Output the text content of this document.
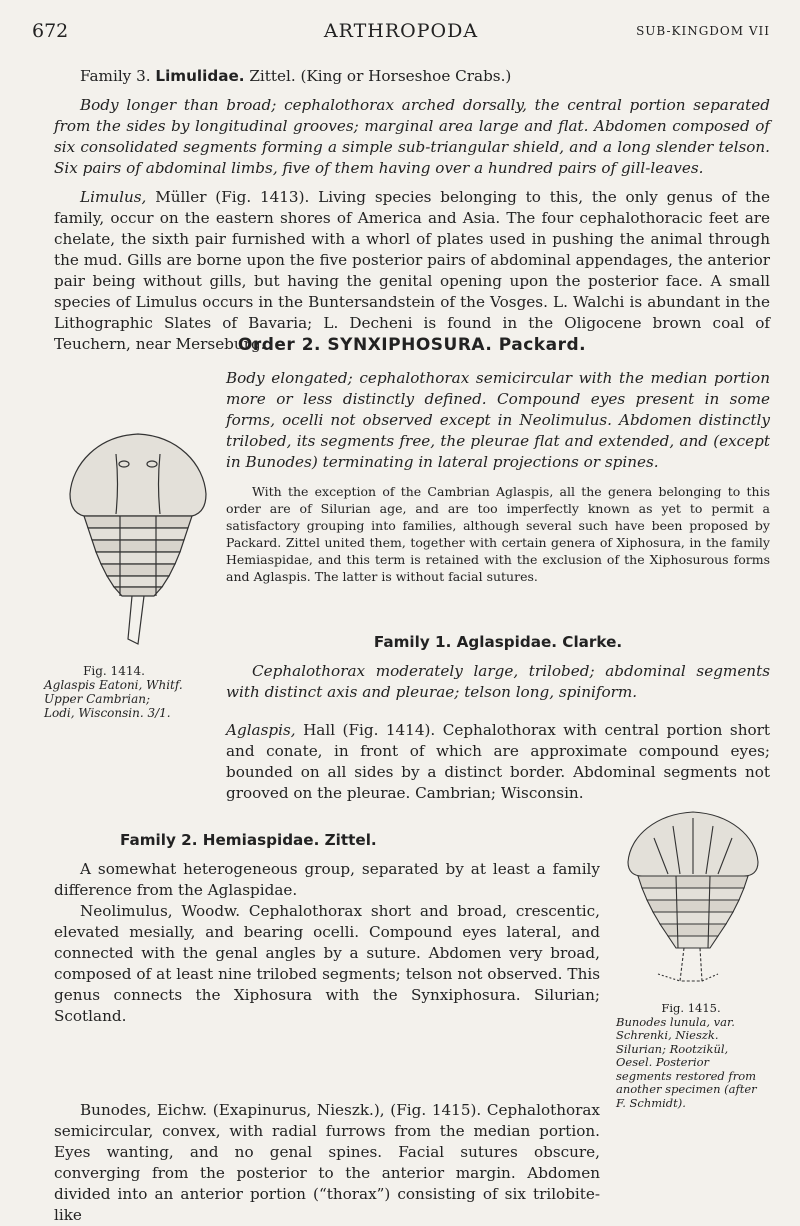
672	ARTHROPODA	SUB-KINGDOM VII

Family 3. Limulidae. Zittel. (King or Horseshoe Crabs.)

Body longer than broad; cephalothorax arched dorsally, the central portion separated from the sides by longitudinal grooves; marginal area large and flat. Abdomen composed of six consolidated segments forming a simple sub-triangular shield, and a long slender telson. Six pairs of abdominal limbs, five of them having over a hundred pairs of gill-leaves.

Limulus, Müller (Fig. 1413). Living species belonging to this, the only genus of the family, occur on the eastern shores of America and Asia. The four cephalothoracic feet are chelate, the sixth pair furnished with a whorl of plates used in pushing the animal through the mud. Gills are borne upon the five posterior pairs of abdominal appendages, the anterior pair being without gills, but having the genital opening upon the posterior face. A small species of Limulus occurs in the Buntersandstein of the Vosges. L. Walchi is abundant in the Lithographic Slates of Bavaria; L. Decheni is found in the Oligocene brown coal of Teuchern, near Merseburg.

Order 2. SYNXIPHOSURA. Packard.

Fig. 1414.
Aglaspis Eatoni, Whitf. Upper Cambrian; Lodi, Wisconsin. 3/1.

Body elongated; cephalothorax semicircular with the median portion more or less distinctly defined. Compound eyes present in some forms, ocelli not observed except in Neolimulus. Abdomen distinctly trilobed, its segments free, the pleurae flat and extended, and (except in Bunodes) terminating in lateral projections or spines.

With the exception of the Cambrian Aglaspis, all the genera belonging to this order are of Silurian age, and are too imperfectly known as yet to permit a satisfactory grouping into families, although several such have been proposed by Packard. Zittel united them, together with certain genera of Xiphosura, in the family Hemiaspidae, and this term is retained with the exclusion of the Xiphosurous forms and Aglaspis. The latter is without facial sutures.

Family 1. Aglaspidae. Clarke.

Cephalothorax moderately large, trilobed; abdominal segments with distinct axis and pleurae; telson long, spiniform.

Aglaspis, Hall (Fig. 1414). Cephalothorax with central portion short and conate, in front of which are approximate compound eyes; bounded on all sides by a distinct border. Abdominal segments not grooved on the pleurae. Cambrian; Wisconsin.

Fig. 1415.
Bunodes lunula, var. Schrenki, Nieszk. Silurian; Rootzikül, Oesel. Posterior segments restored from another specimen (after F. Schmidt).

Family 2. Hemiaspidae. Zittel.

A somewhat heterogeneous group, separated by at least a family difference from the Aglaspidae.

Neolimulus, Woodw. Cephalothorax short and broad, crescentic, elevated mesially, and bearing ocelli. Compound eyes lateral, and connected with the genal angles by a suture. Abdomen very broad, composed of at least nine trilobed segments; telson not observed. This genus connects the Xiphosura with the Synxiphosura. Silurian; Scotland.

Bunodes, Eichw. (Exapinurus, Nieszk.), (Fig. 1415). Cephalothorax semicircular, convex, with radial furrows from the median portion. Eyes wanting, and no genal spines. Facial sutures obscure, converging from the posterior to the anterior margin. Abdomen divided into an anterior portion (“thorax”) consisting of six trilobite-like
